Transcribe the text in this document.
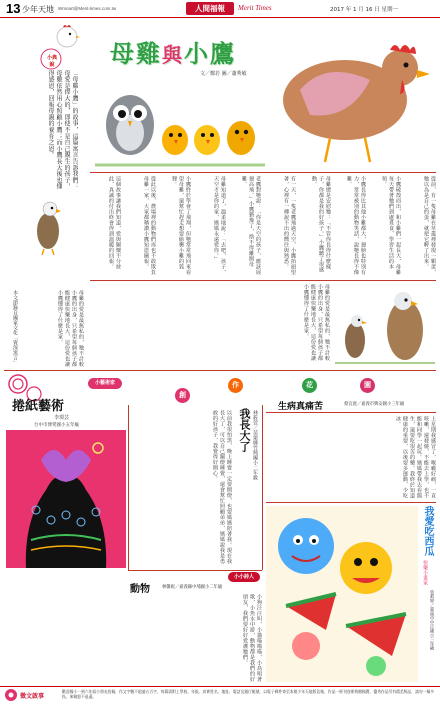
13 少年天地 Wmnart@Merit-times.com.tw	人間福報	Merit Times	2017 年 1 月 16 日 星期一
小典說 母雞與小鷹
文／鄭若 圖／蕭秀敏
「母雞小鷹」的故事，這篇寓言告訴我們：母愛是偉大的，即使不是自己親生的孩子，母雞依然用心照顧小鷹；而小鷹長大後也懂得感恩，回報母親的養育之恩。
從前，有一隻母雞在草叢裡發現一顆蛋，牠以為是自己的蛋，就把它孵了出來。
小鷹破殼而出，和小雞們一起長大，母雞每天帶著牠們到處覓食、學習生活的本領。
小鷹長得比其他小雞都大，翅膀也特別有力，常常被別的動物笑話，說牠長得不像雞。
母雞總是安慰牠：「不管你長得什麼樣子，你都是我的好孩子。」小鷹聽了很感動。
有一天，一隻老鷹飛過天空，小鷹抬頭望著，心裡有一種說不出的嚮往與熟悉。
老鷹對牠說：「你是天空的孩子，應該展翅高飛。」小鷹猶豫了，捨不得離開母雞。
母雞知道了，溫柔地說：「去吧，孩子，天空才是你的家，媽媽永遠愛你。」
小鷹終於學會了飛翔，但牠常常飛回來看望母雞，還幫忙趕走想要偷襲小雞的狐狸。
從此以後，農場裡的動物們再也不敢欺負母雞一家，大家都稱讚小鷹知恩圖報。
這個故事讓我們知道，愛與關懷不分彼此，真誠的付出終會得到溫暖的回報。
母雞的愛是最無私的，牠不計較小鷹的出身，只希望每個孩子都能健康快樂地長大，這份愛也讓小鷹懂得了什麼是家。
本文節錄自國家文化「資深寓言」	母雞的愛是最無私的，牠不計較小鷹的出身，只希望每個孩子都能健康快樂地長大，這份愛也讓小鷹懂得了什麼是家。
小藝術家
捲紙藝術
李璟芸
台中市博愛國小五年級
創
作	花	園
以前我很怕黑，晚上睡覺一定要開燈，也要媽媽陪著我。現在我長大了，可以自己關燈睡覺，還會幫忙照顧弟弟，媽媽說我是勇敢的好孩子，我覺得好開心。	我長大了 林筱萱／苗栗縣竹興國小二年級
生病真痛苦	蔡宜庭／嘉義市興安國小三年級
上星期我感冒了，喉嚨好痛，一直咳嗽，還發燒，不能去上學，也不能和同學一起玩。媽媽帶我去看醫生，還要吃很苦的藥。我終於知道健康的重要，以後要多運動、少吃冰。
小小詩人
動物	林馨妮／嘉義縣中埔國小二年級
小狗汪汪叫，小貓喵喵喵，小鳥唱著歌，小魚水中游，動物都是我們的好朋友，我們要好好愛護牠們。
我愛吃西瓜
快樂小畫家
曾莉婷／臺南市中正國小三年級
徵文啟事
歡迎國小一到六年級小朋友投稿，作文字數不超過五百字，每篇需附上學校、年級、真實姓名、地址、電話及銀行帳號，以電子郵件寄至本報少年天地版信箱，作品一經刊登即致贈稿費，優秀作品另有精美獎品，請勿一稿多投，來稿恕不退還。
